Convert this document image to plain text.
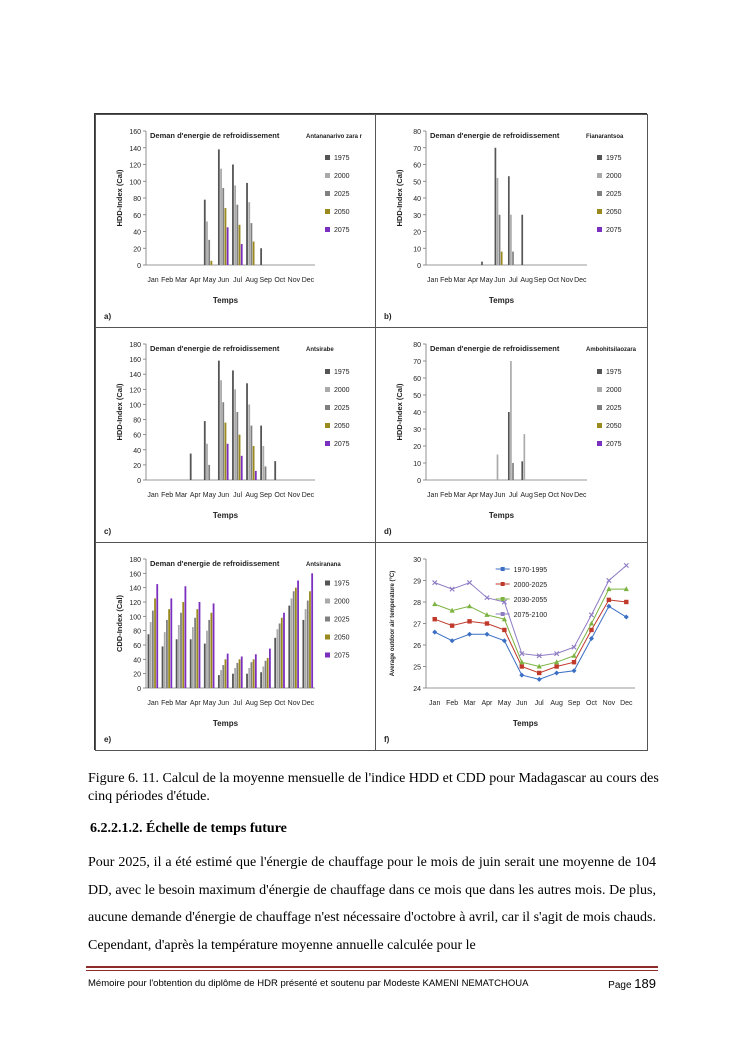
0
20
40
60
80
100
120
140
160
HDD-Index (Cal)
Jan Feb Mar Apr May Jun Jul Aug Sep Oct Nov Dec
Temps
a)
Deman d'energie de refroidissement	Antananarivo zara r
1975
2000
2025
2050
2075
0
10
20
30
40
50
60
70
80
HDD-Index (Cal)
Jan Feb Mar Apr May Jun Jul Aug Sep Oct Nov Dec
Temps
b)
Deman d'energie de refroidissement	Fianarantsoa
1975
2000
2025
2050
2075
0
20
40
60
80
100
120
140
160
180
HDD-Index (Cal)
Jan Feb Mar Apr May Jun Jul Aug Sep Oct Nov Dec
Temps
c)
Deman d'energie de refroidissement	Antsirabe
1975
2000
2025
2050
2075
0
10
20
30
40
50
60
70
80
HDD-Index (Cal)
Jan Feb Mar Apr May Jun Jul Aug Sep Oct Nov Dec
Temps
d)
Deman d'energie de refroidissement	Ambohitsilaozara
1975
2000
2025
2050
2075
0
20
40
60
80
100
120
140
160
180
CDD-Index (Cal)
Jan Feb Mar Apr May Jun Jul Aug Sep Oct Nov Dec
Temps
e)
Deman d'energie de refroidissement	Antsiranana
1975
2000
2025
2050
2075
24
25
26
27
28
29
30
Average outdoor air temperature (°C)
Jan Feb Mar Apr May Jun Jul Aug Sep Oct Nov Dec
Temps
f)
1970-1995
2000-2025
2030-2055
2075-2100
Figure 6. 11. Calcul de la moyenne mensuelle de l'indice HDD et CDD pour Madagascar au cours des cinq périodes d'étude.
6.2.2.1.2. Échelle de temps future
Pour 2025, il a été estimé que l'énergie de chauffage pour le mois de juin serait une moyenne de 104 DD, avec le besoin maximum d'énergie de chauffage dans ce mois que dans les autres mois. De plus, aucune demande d'énergie de chauffage n'est nécessaire d'octobre à avril, car il s'agit de mois chauds. Cependant, d'après la température moyenne annuelle calculée pour le
Mémoire pour l'obtention du diplôme de HDR présenté et soutenu par Modeste KAMENI NEMATCHOUA	Page 189
